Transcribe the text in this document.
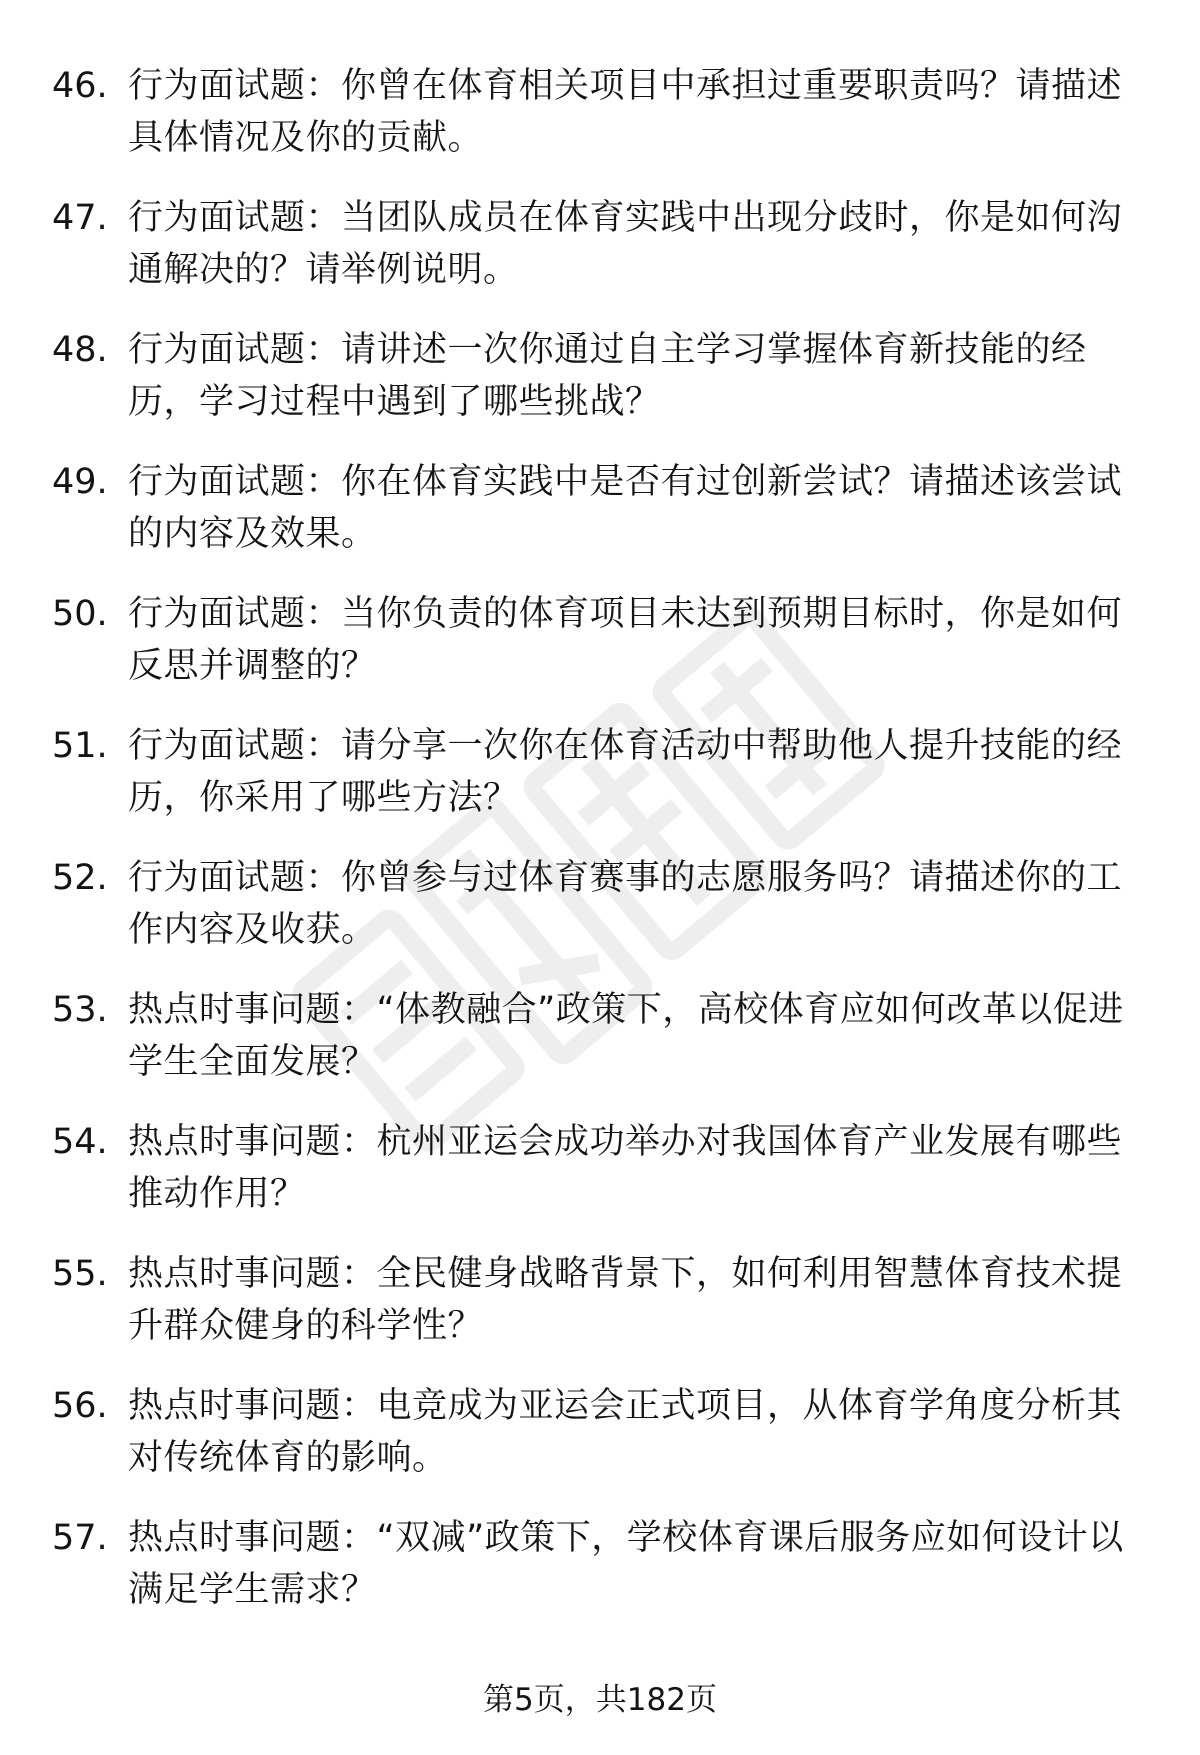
46. 行为面试题：你曾在体育相关项目中承担过重要职责吗？请描述具体情况及你的贡献。

47. 行为面试题：当团队成员在体育实践中出现分歧时，你是如何沟通解决的？请举例说明。

48. 行为面试题：请讲述一次你通过自主学习掌握体育新技能的经历，学习过程中遇到了哪些挑战？

49. 行为面试题：你在体育实践中是否有过创新尝试？请描述该尝试的内容及效果。

50. 行为面试题：当你负责的体育项目未达到预期目标时，你是如何反思并调整的？

51. 行为面试题：请分享一次你在体育活动中帮助他人提升技能的经历，你采用了哪些方法？

52. 行为面试题：你曾参与过体育赛事的志愿服务吗？请描述你的工作内容及收获。

53. 热点时事问题：“体教融合”政策下，高校体育应如何改革以促进学生全面发展？

54. 热点时事问题：杭州亚运会成功举办对我国体育产业发展有哪些推动作用？

55. 热点时事问题：全民健身战略背景下，如何利用智慧体育技术提升群众健身的科学性？

56. 热点时事问题：电竞成为亚运会正式项目，从体育学角度分析其对传统体育的影响。

57. 热点时事问题：“双减”政策下，学校体育课后服务应如何设计以满足学生需求？

第5页，共182页
